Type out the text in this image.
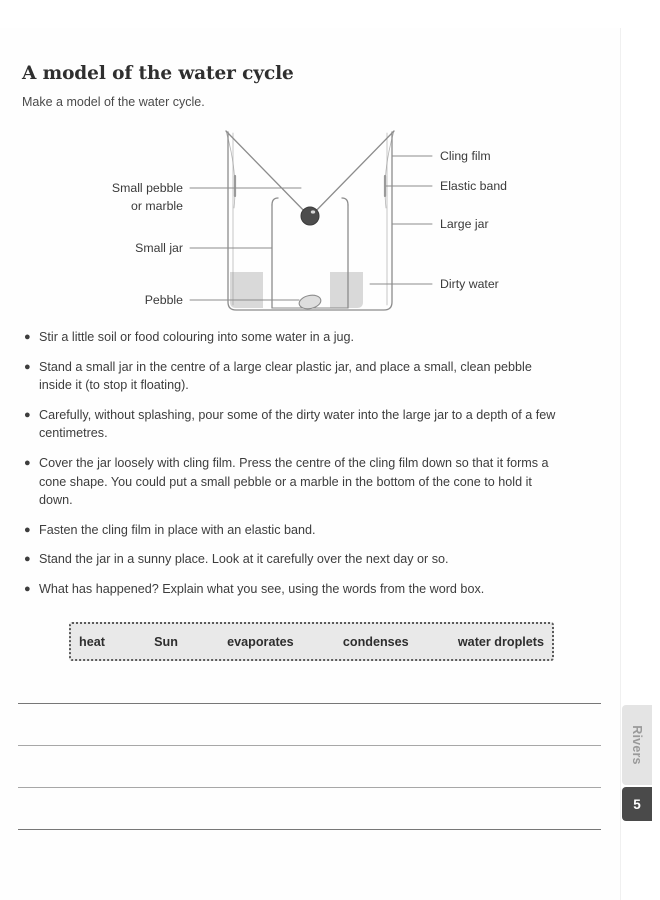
A model of the water cycle
Make a model of the water cycle.
Cling film
Elastic band
Large jar
Dirty water
Small pebble
or marble
Small jar
Pebble
● Stir a little soil or food colouring into some water in a jug.
● Stand a small jar in the centre of a large clear plastic jar, and place a small, clean pebble inside it (to stop it floating).
● Carefully, without splashing, pour some of the dirty water into the large jar to a depth of a few centimetres.
● Cover the jar loosely with cling film. Press the centre of the cling film down so that it forms a cone shape. You could put a small pebble or a marble in the bottom of the cone to hold it down.
● Fasten the cling film in place with an elastic band.
● Stand the jar in a sunny place. Look at it carefully over the next day or so.
● What has happened? Explain what you see, using the words from the word box.
heat	Sun	evaporates	condenses	water droplets
Rivers
5
